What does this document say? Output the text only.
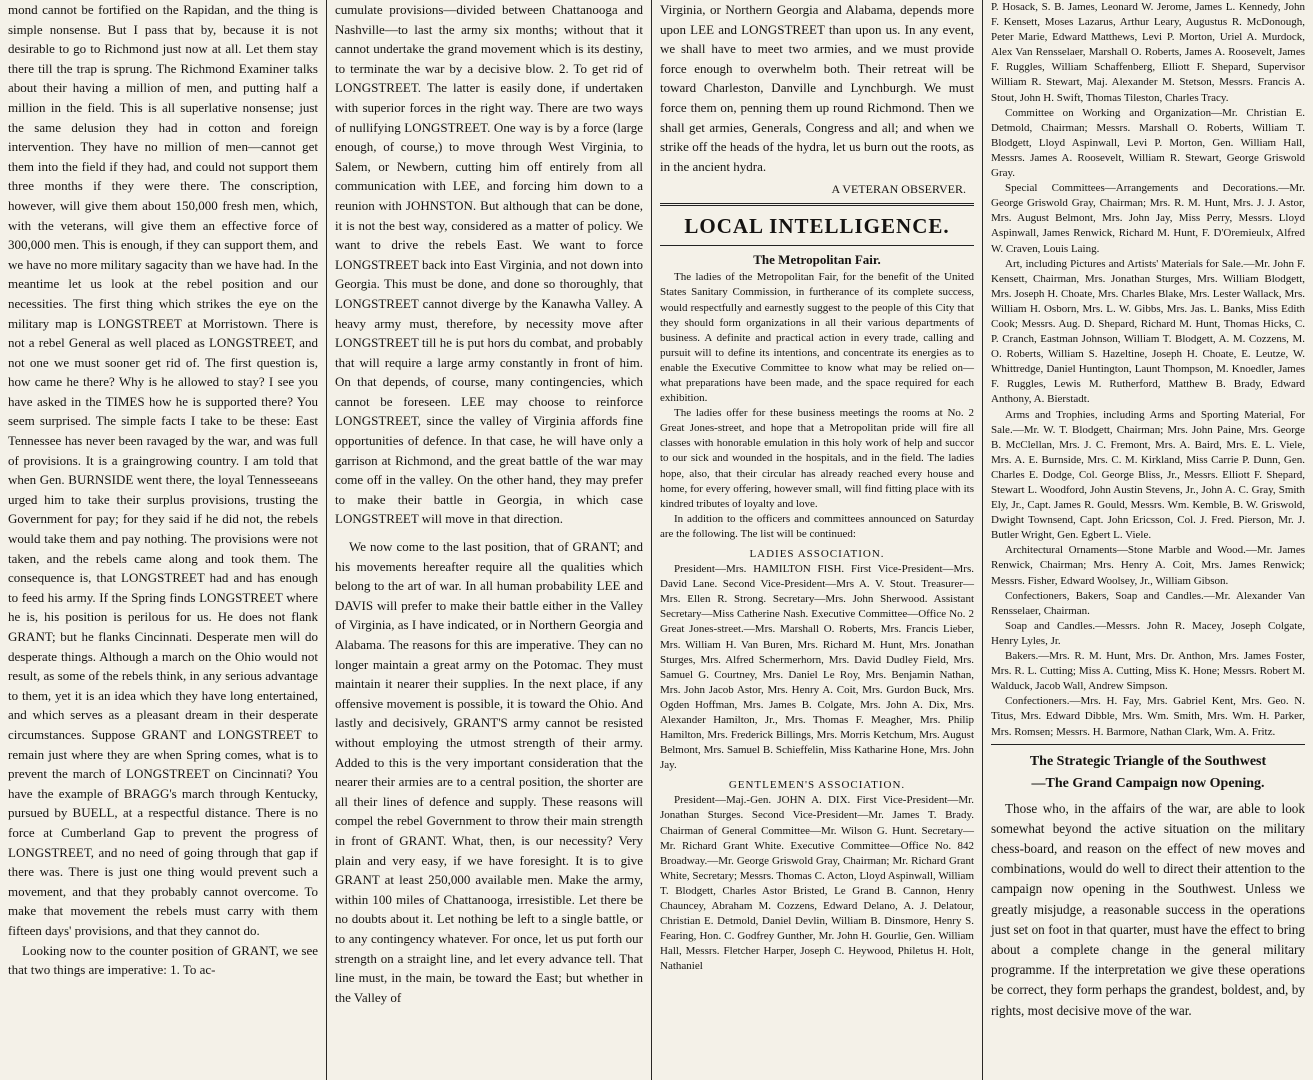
mond cannot be fortified on the Rapidan, and the thing is simple nonsense. But I pass that by, because it is not desirable to go to Richmond just now at all. Let them stay there till the trap is sprung. The Richmond Examiner talks about their having a million of men, and putting half a million in the field. This is all superlative nonsense; just the same delusion they had in cotton and foreign intervention. They have no million of men—cannot get them into the field if they had, and could not support them three months if they were there. The conscription, however, will give them about 150,000 fresh men, which, with the veterans, will give them an effective force of 300,000 men. This is enough, if they can support them, and we have no more military sagacity than we have had. In the meantime let us look at the rebel position and our necessities. The first thing which strikes the eye on the military map is LONGSTREET at Morristown. There is not a rebel General as well placed as LONGSTREET, and not one we must sooner get rid of. The first question is, how came he there? Why is he allowed to stay? I see you have asked in the TIMES how he is supported there? You seem surprised. The simple facts I take to be these: East Tennessee has never been ravaged by the war, and was full of provisions. It is a graingrowing country. I am told that when Gen. BURNSIDE went there, the loyal Tennesseeans urged him to take their surplus provisions, trusting the Government for pay; for they said if he did not, the rebels would take them and pay nothing. The provisions were not taken, and the rebels came along and took them. The consequence is, that LONGSTREET had and has enough to feed his army. If the Spring finds LONGSTREET where he is, his position is perilous for us. He does not flank GRANT; but he flanks Cincinnati. Desperate men will do desperate things. Although a march on the Ohio would not result, as some of the rebels think, in any serious advantage to them, yet it is an idea which they have long entertained, and which serves as a pleasant dream in their desperate circumstances. Suppose GRANT and LONGSTREET to remain just where they are when Spring comes, what is to prevent the march of LONGSTREET on Cincinnati? You have the example of BRAGG's march through Kentucky, pursued by BUELL, at a respectful distance. There is no force at Cumberland Gap to prevent the progress of LONGSTREET, and no need of going through that gap if there was. There is just one thing would prevent such a movement, and that they probably cannot overcome. To make that movement the rebels must carry with them fifteen days' provisions, and that they cannot do.

Looking now to the counter position of GRANT, we see that two things are imperative: 1. To ac-

cumulate provisions—divided between Chattanooga and Nashville—to last the army six months; without that it cannot undertake the grand movement which is its destiny, to terminate the war by a decisive blow. 2. To get rid of LONGSTREET. The latter is easily done, if undertaken with superior forces in the right way. There are two ways of nullifying LONGSTREET. One way is by a force (large enough, of course,) to move through West Virginia, to Salem, or Newbern, cutting him off entirely from all communication with LEE, and forcing him down to a reunion with JOHNSTON. But although that can be done, it is not the best way, considered as a matter of policy. We want to drive the rebels East. We want to force LONGSTREET back into East Virginia, and not down into Georgia. This must be done, and done so thoroughly, that LONGSTREET cannot diverge by the Kanawha Valley. A heavy army must, therefore, by necessity move after LONGSTREET till he is put hors du combat, and probably that will require a large army constantly in front of him. On that depends, of course, many contingencies, which cannot be foreseen. LEE may choose to reinforce LONGSTREET, since the valley of Virginia affords fine opportunities of defence. In that case, he will have only a garrison at Richmond, and the great battle of the war may come off in the valley. On the other hand, they may prefer to make their battle in Georgia, in which case LONGSTREET will move in that direction.

We now come to the last position, that of GRANT; and his movements hereafter require all the qualities which belong to the art of war. In all human probability LEE and DAVIS will prefer to make their battle either in the Valley of Virginia, as I have indicated, or in Northern Georgia and Alabama. The reasons for this are imperative. They can no longer maintain a great army on the Potomac. They must maintain it nearer their supplies. In the next place, if any offensive movement is possible, it is toward the Ohio. And lastly and decisively, GRANT'S army cannot be resisted without employing the utmost strength of their army. Added to this is the very important consideration that the nearer their armies are to a central position, the shorter are all their lines of defence and supply. These reasons will compel the rebel Government to throw their main strength in front of GRANT. What, then, is our necessity? Very plain and very easy, if we have foresight. It is to give GRANT at least 250,000 available men. Make the army, within 100 miles of Chattanooga, irresistible. Let there be no doubts about it. Let nothing be left to a single battle, or to any contingency whatever. For once, let us put forth our strength on a straight line, and let every advance tell. That line must, in the main, be toward the East; but whether in the Valley of

Virginia, or Northern Georgia and Alabama, depends more upon LEE and LONGSTREET than upon us. In any event, we shall have to meet two armies, and we must provide force enough to overwhelm both. Their retreat will be toward Charleston, Danville and Lynchburgh. We must force them on, penning them up round Richmond. Then we shall get armies, Generals, Congress and all; and when we strike off the heads of the hydra, let us burn out the roots, as in the ancient hydra.

A VETERAN OBSERVER.
LOCAL INTELLIGENCE.
The Metropolitan Fair.

The ladies of the Metropolitan Fair, for the benefit of the United States Sanitary Commission, in furtherance of its complete success, would respectfully and earnestly suggest to the people of this City that they should form organizations in all their various departments of business. A definite and practical action in every trade, calling and pursuit will to define its intentions, and concentrate its energies as to enable the Executive Committee to know what may be relied on—what preparations have been made, and the space required for each exhibition.

The ladies offer for these business meetings the rooms at No. 2 Great Jones-street, and hope that a Metropolitan pride will fire all classes with honorable emulation in this holy work of help and succor to our sick and wounded in the hospitals, and in the field. The ladies hope, also, that their circular has already reached every house and home, for every offering, however small, will find fitting place with its kindred tributes of loyalty and love.

In addition to the officers and committees announced on Saturday are the following. The list will be continued:

LADIES ASSOCIATION.

President—Mrs. HAMILTON FISH. First Vice-President—Mrs. David Lane. Second Vice-President—Mrs A. V. Stout. Treasurer—Mrs. Ellen R. Strong. Secretary—Mrs. John Sherwood. Assistant Secretary—Miss Catherine Nash. Executive Committee—Office No. 2 Great Jones-street.—Mrs. Marshall O. Roberts, Mrs. Francis Lieber, Mrs. William H. Van Buren, Mrs. Richard M. Hunt, Mrs. Jonathan Sturges, Mrs. Alfred Schermerhorn, Mrs. David Dudley Field, Mrs. Samuel G. Courtney, Mrs. Daniel Le Roy, Mrs. Benjamin Nathan, Mrs. John Jacob Astor, Mrs. Henry A. Coit, Mrs. Gurdon Buck, Mrs. Ogden Hoffman, Mrs. James B. Colgate, Mrs. John A. Dix, Mrs. Alexander Hamilton, Jr., Mrs. Thomas F. Meagher, Mrs. Philip Hamilton, Mrs. Frederick Billings, Mrs. Morris Ketchum, Mrs. August Belmont, Mrs. Samuel B. Schieffelin, Miss Katharine Hone, Mrs. John Jay.

GENTLEMEN'S ASSOCIATION.

President—Maj.-Gen. JOHN A. DIX. First Vice-President—Mr. Jonathan Sturges. Second Vice-President—Mr. James T. Brady. Chairman of General Committee—Mr. Wilson G. Hunt. Secretary—Mr. Richard Grant White. Executive Committee—Office No. 842 Broadway.—Mr. George Griswold Gray, Chairman; Mr. Richard Grant White, Secretary; Messrs. Thomas C. Acton, Lloyd Aspinwall, William T. Blodgett, Charles Astor Bristed, Le Grand B. Cannon, Henry Chauncey, Abraham M. Cozzens, Edward Delano, A. J. Delatour, Christian E. Detmold, Daniel Devlin, William B. Dinsmore, Henry S. Fearing, Hon. C. Godfrey Gunther, Mr. John H. Gourlie, Gen. William Hall, Messrs. Fletcher Harper, Joseph C. Heywood, Philetus H. Holt, Nathaniel

P. Hosack, S. B. James, Leonard W. Jerome, James L. Kennedy, John F. Kensett, Moses Lazarus, Arthur Leary, Augustus R. McDonough, Peter Marie, Edward Matthews, Levi P. Morton, Uriel A. Murdock, Alex Van Rensselaer, Marshall O. Roberts, James A. Roosevelt, James F. Ruggles, William Schaffenberg, Elliott F. Shepard, Supervisor William R. Stewart, Maj. Alexander M. Stetson, Messrs. Francis A. Stout, John H. Swift, Thomas Tileston, Charles Tracy.

Committee on Working and Organization—Mr. Christian E. Detmold, Chairman; Messrs. Marshall O. Roberts, William T. Blodgett, Lloyd Aspinwall, Levi P. Morton, Gen. William Hall, Messrs. James A. Roosevelt, William R. Stewart, George Griswold Gray.

Special Committees—Arrangements and Decorations.—Mr. George Griswold Gray, Chairman; Mrs. R. M. Hunt, Mrs. J. J. Astor, Mrs. August Belmont, Mrs. John Jay, Miss Perry, Messrs. Lloyd Aspinwall, James Renwick, Richard M. Hunt, F. D'Oremieulx, Alfred W. Craven, Louis Laing.

Art, including Pictures and Artists' Materials for Sale.—Mr. John F. Kensett, Chairman, Mrs. Jonathan Sturges, Mrs. William Blodgett, Mrs. Joseph H. Choate, Mrs. Charles Blake, Mrs. Lester Wallack, Mrs. William H. Osborn, Mrs. L. W. Gibbs, Mrs. Jas. L. Banks, Miss Edith Cook; Messrs. Aug. D. Shepard, Richard M. Hunt, Thomas Hicks, C. P. Cranch, Eastman Johnson, William T. Blodgett, A. M. Cozzens, M. O. Roberts, William S. Hazeltine, Joseph H. Choate, E. Leutze, W. Whittredge, Daniel Huntington, Launt Thompson, M. Knoedler, James F. Ruggles, Lewis M. Rutherford, Matthew B. Brady, Edward Anthony, A. Bierstadt.

Arms and Trophies, including Arms and Sporting Material, For Sale.—Mr. W. T. Blodgett, Chairman; Mrs. John Paine, Mrs. George B. McClellan, Mrs. J. C. Fremont, Mrs. A. Baird, Mrs. E. L. Viele, Mrs. A. E. Burnside, Mrs. C. M. Kirkland, Miss Carrie P. Dunn, Gen. Charles E. Dodge, Col. George Bliss, Jr., Messrs. Elliott F. Shepard, Stewart L. Woodford, John Austin Stevens, Jr., John A. C. Gray, Smith Ely, Jr., Capt. James R. Gould, Messrs. Wm. Kemble, B. W. Griswold, Dwight Townsend, Capt. John Ericsson, Col. J. Fred. Pierson, Mr. J. Butler Wright, Gen. Egbert L. Viele.

Architectural Ornaments—Stone Marble and Wood.—Mr. James Renwick, Chairman; Mrs. Henry A. Coit, Mrs. James Renwick; Messrs. Fisher, Edward Woolsey, Jr., William Gibson.

Confectioners, Bakers, Soap and Candles.—Mr. Alexander Van Rensselaer, Chairman.

Soap and Candles.—Messrs. John R. Macey, Joseph Colgate, Henry Lyles, Jr.

Bakers.—Mrs. R. M. Hunt, Mrs. Dr. Anthon, Mrs. James Foster, Mrs. R. L. Cutting; Miss A. Cutting, Miss K. Hone; Messrs. Robert M. Walduck, Jacob Wall, Andrew Simpson.

Confectioners.—Mrs. H. Fay, Mrs. Gabriel Kent, Mrs. Geo. N. Titus, Mrs. Edward Dibble, Mrs. Wm. Smith, Mrs. Wm. H. Parker, Mrs. Romsen; Messrs. H. Barmore, Nathan Clark, Wm. A. Fritz.

The Strategic Triangle of the Southwest
—The Grand Campaign now Opening.

Those who, in the affairs of the war, are able to look somewhat beyond the active situation on the military chess-board, and reason on the effect of new moves and combinations, would do well to direct their attention to the campaign now opening in the Southwest. Unless we greatly misjudge, a reasonable success in the operations just set on foot in that quarter, must have the effect to bring about a complete change in the general military programme. If the interpretation we give these operations be correct, they form perhaps the grandest, boldest, and, by rights, most decisive move of the war.
